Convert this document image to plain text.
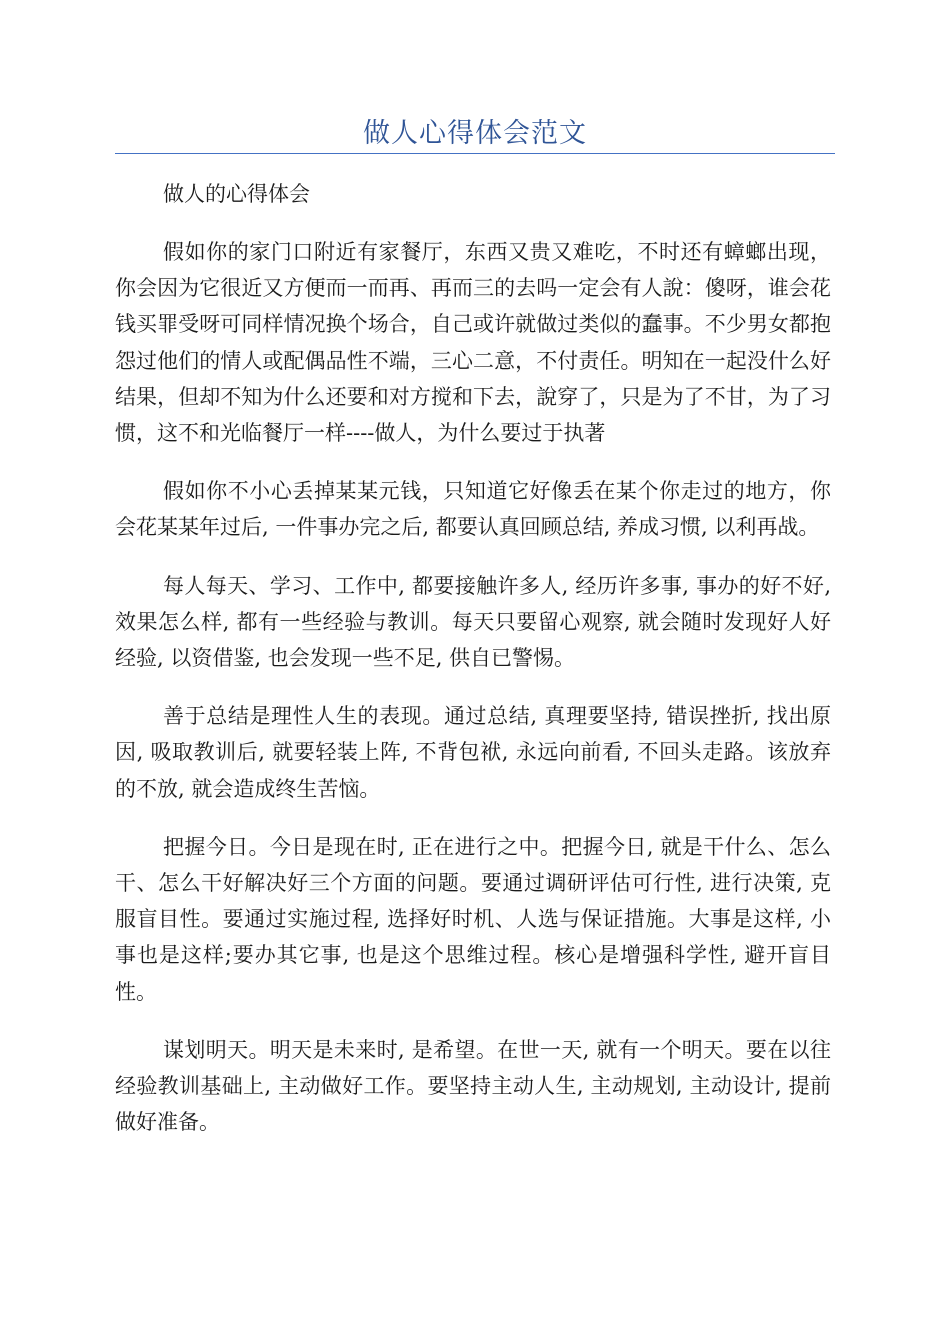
做人心得体会范文

做人的心得体会

假如你的家门口附近有家餐厅，东西又贵又难吃，不时还有蟑螂出现，你会因为它很近又方便而一而再、再而三的去吗一定会有人說：傻呀，谁会花钱买罪受呀可同样情况换个场合，自己或许就做过类似的蠢事。不少男女都抱怨过他们的情人或配偶品性不端，三心二意，不付责任。明知在一起没什么好结果，但却不知为什么还要和对方搅和下去，說穿了，只是为了不甘，为了习惯，这不和光临餐厅一样----做人，为什么要过于执著

假如你不小心丢掉某某元钱，只知道它好像丢在某个你走过的地方，你会花某某年过后, 一件事办完之后, 都要认真回顾总结, 养成习惯, 以利再战。

每人每天、学习、工作中, 都要接触许多人, 经历许多事, 事办的好不好, 效果怎么样, 都有一些经验与教训。每天只要留心观察, 就会随时发现好人好经验, 以资借鉴, 也会发现一些不足, 供自已警惕。

善于总结是理性人生的表现。通过总结, 真理要坚持, 错误挫折, 找出原因, 吸取教训后, 就要轻装上阵, 不背包袱, 永远向前看, 不回头走路。该放弃的不放, 就会造成终生苦恼。

把握今日。今日是现在时, 正在进行之中。把握今日, 就是干什么、怎么干、怎么干好解决好三个方面的问题。要通过调研评估可行性, 进行决策, 克服盲目性。要通过实施过程, 选择好时机、人选与保证措施。大事是这样, 小事也是这样;要办其它事, 也是这个思维过程。核心是增强科学性, 避开盲目性。

谋划明天。明天是未来时, 是希望。在世一天, 就有一个明天。要在以往经验教训基础上, 主动做好工作。要坚持主动人生, 主动规划, 主动设计, 提前做好准备。
